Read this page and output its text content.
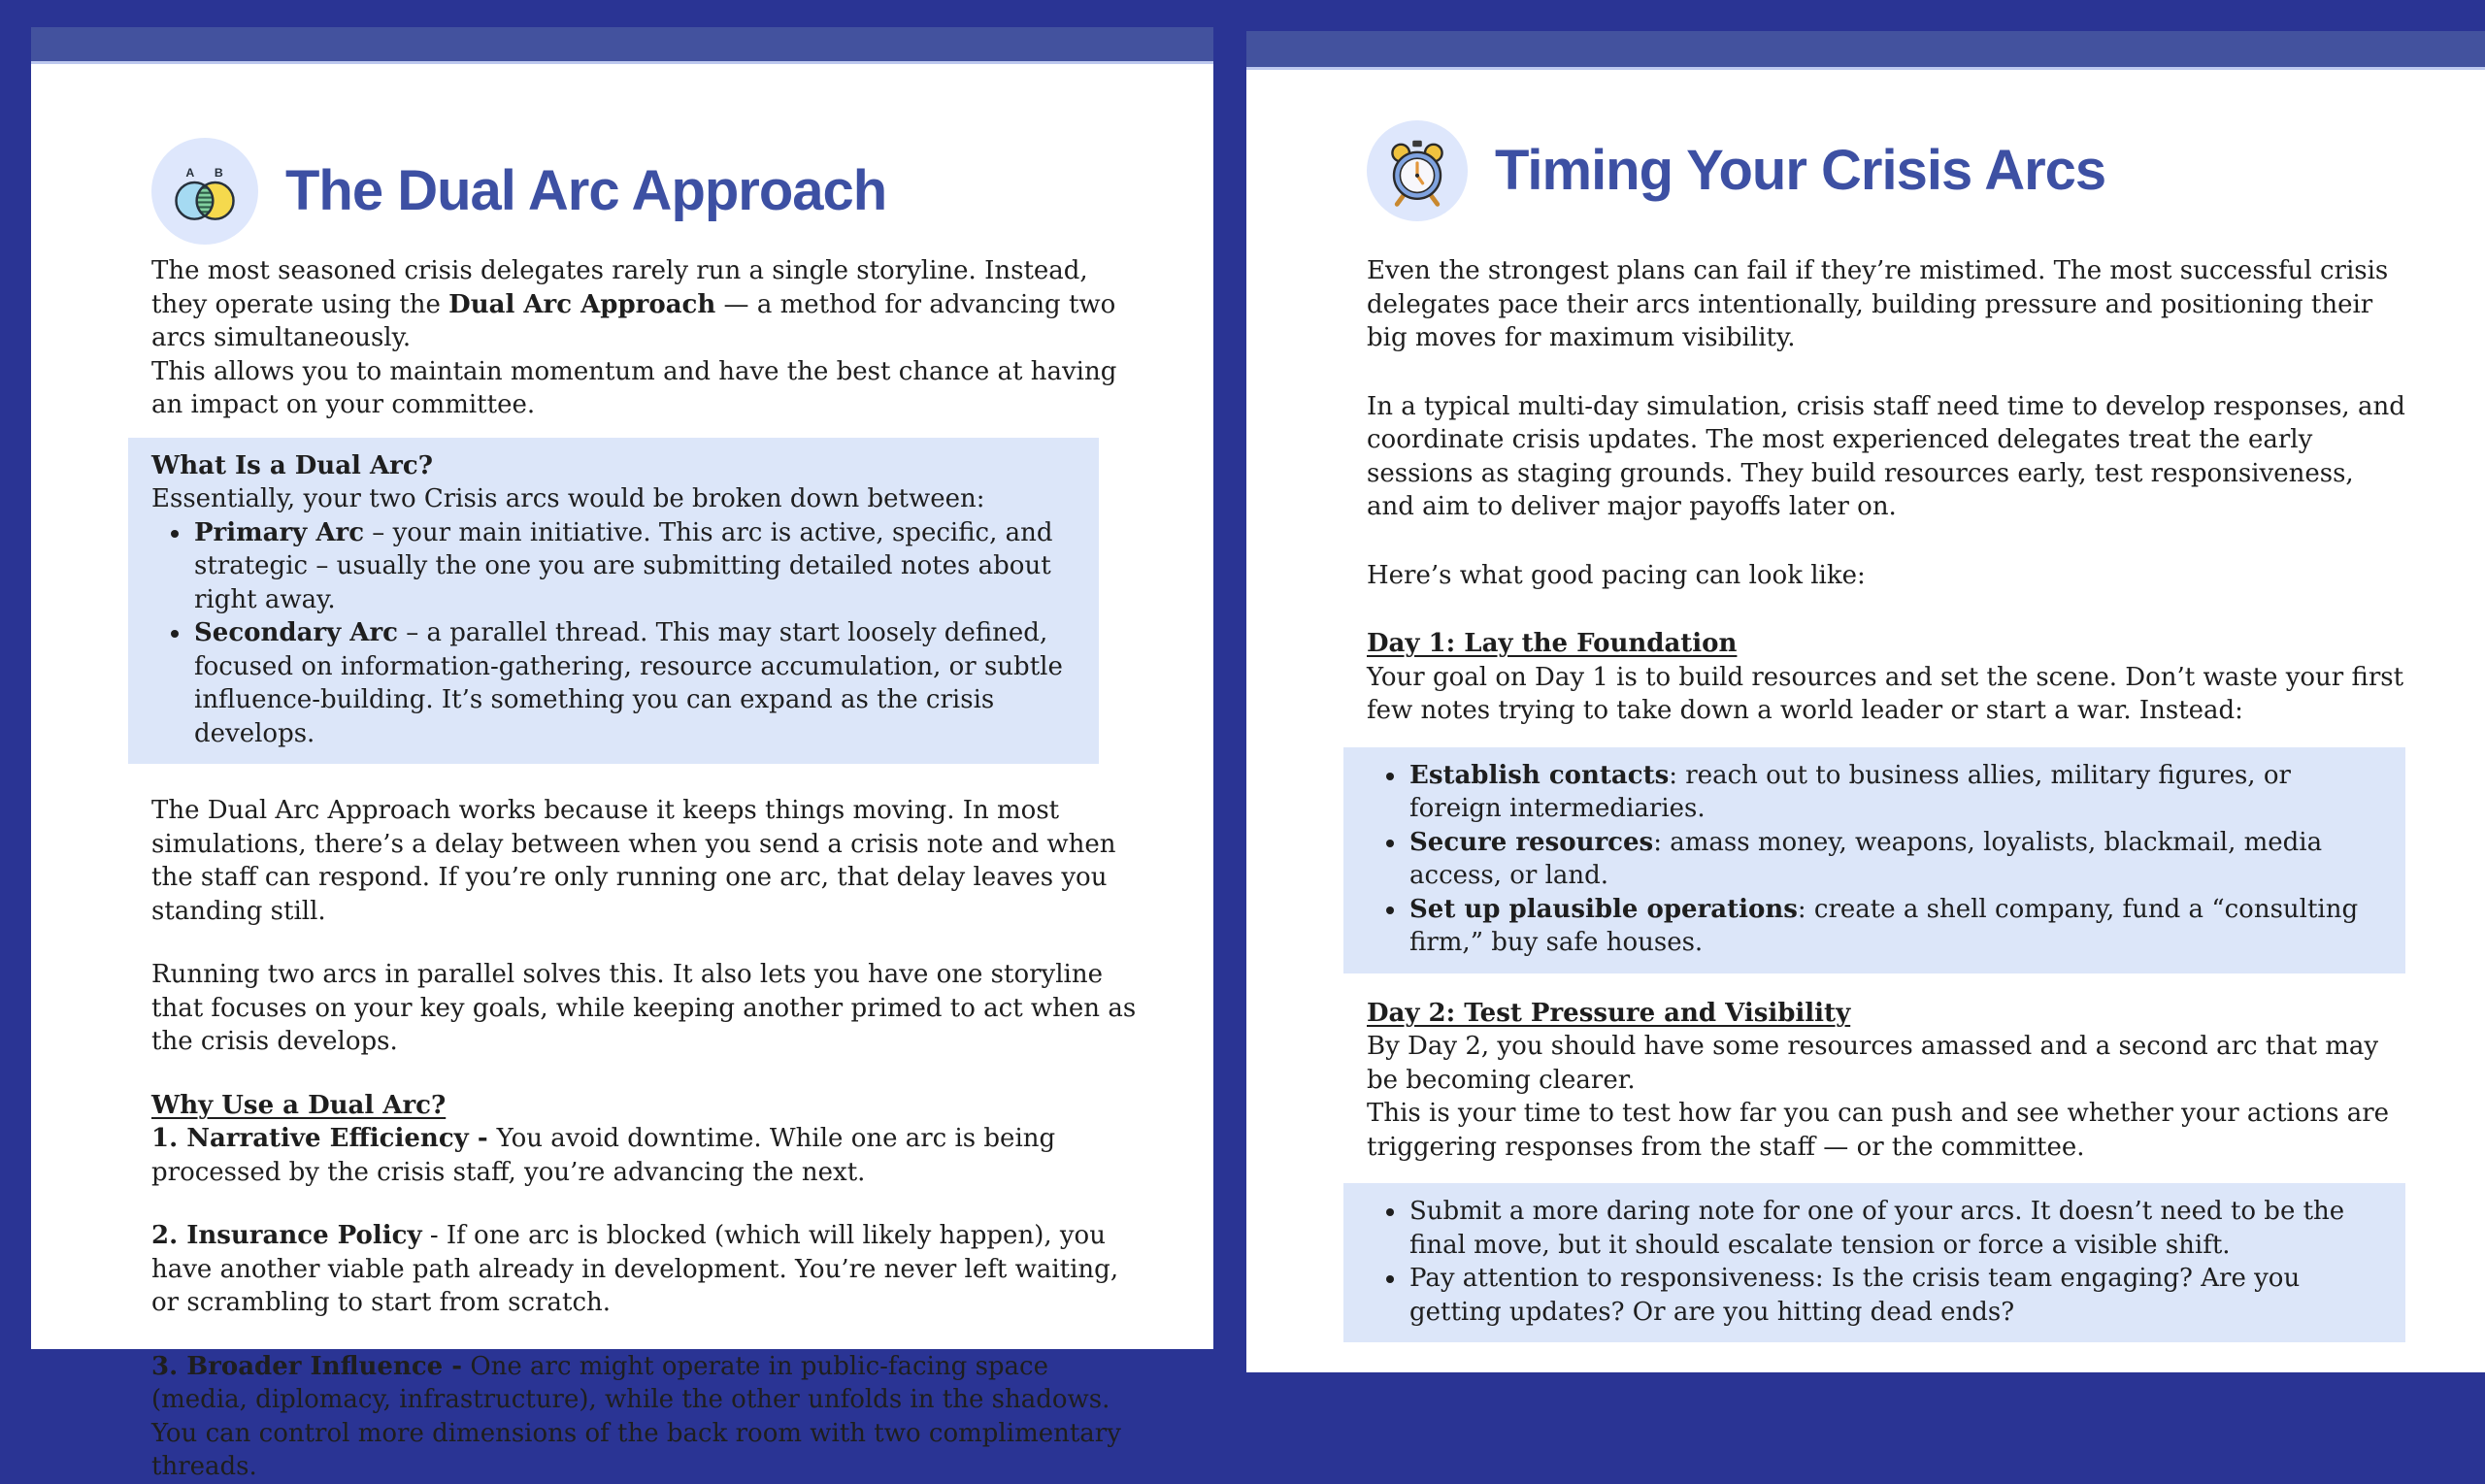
A B The Dual Arc Approach

The most seasoned crisis delegates rarely run a single storyline. Instead, they operate using the Dual Arc Approach — a method for advancing two arcs simultaneously.

This allows you to maintain momentum and have the best chance at having an impact on your committee.

What Is a Dual Arc?

Essentially, your two Crisis arcs would be broken down between:

• Primary Arc – your main initiative. This arc is active, specific, and strategic – usually the one you are submitting detailed notes about right away.
• Secondary Arc – a parallel thread. This may start loosely defined, focused on information-gathering, resource accumulation, or subtle influence-building. It’s something you can expand as the crisis develops.

The Dual Arc Approach works because it keeps things moving. In most simulations, there’s a delay between when you send a crisis note and when the staff can respond. If you’re only running one arc, that delay leaves you standing still.

Running two arcs in parallel solves this. It also lets you have one storyline that focuses on your key goals, while keeping another primed to act when as the crisis develops.

Why Use a Dual Arc?

1. Narrative Efficiency - You avoid downtime. While one arc is being processed by the crisis staff, you’re advancing the next.

2. Insurance Policy - If one arc is blocked (which will likely happen), you have another viable path already in development. You’re never left waiting, or scrambling to start from scratch.

3. Broader Influence - One arc might operate in public-facing space (media, diplomacy, infrastructure), while the other unfolds in the shadows. You can control more dimensions of the back room with two complimentary threads.

Timing Your Crisis Arcs

Even the strongest plans can fail if they’re mistimed. The most successful crisis delegates pace their arcs intentionally, building pressure and positioning their big moves for maximum visibility.

In a typical multi-day simulation, crisis staff need time to develop responses, and coordinate crisis updates. The most experienced delegates treat the early sessions as staging grounds. They build resources early, test responsiveness, and aim to deliver major payoffs later on.

Here’s what good pacing can look like:

Day 1: Lay the Foundation

Your goal on Day 1 is to build resources and set the scene. Don’t waste your first few notes trying to take down a world leader or start a war. Instead:

• Establish contacts: reach out to business allies, military figures, or foreign intermediaries.
• Secure resources: amass money, weapons, loyalists, blackmail, media access, or land.
• Set up plausible operations: create a shell company, fund a “consulting firm,” buy safe houses.

Day 2: Test Pressure and Visibility

By Day 2, you should have some resources amassed and a second arc that may be becoming clearer.

This is your time to test how far you can push and see whether your actions are triggering responses from the staff — or the committee.

• Submit a more daring note for one of your arcs. It doesn’t need to be the final move, but it should escalate tension or force a visible shift.
• Pay attention to responsiveness: Is the crisis team engaging? Are you getting updates? Or are you hitting dead ends?
